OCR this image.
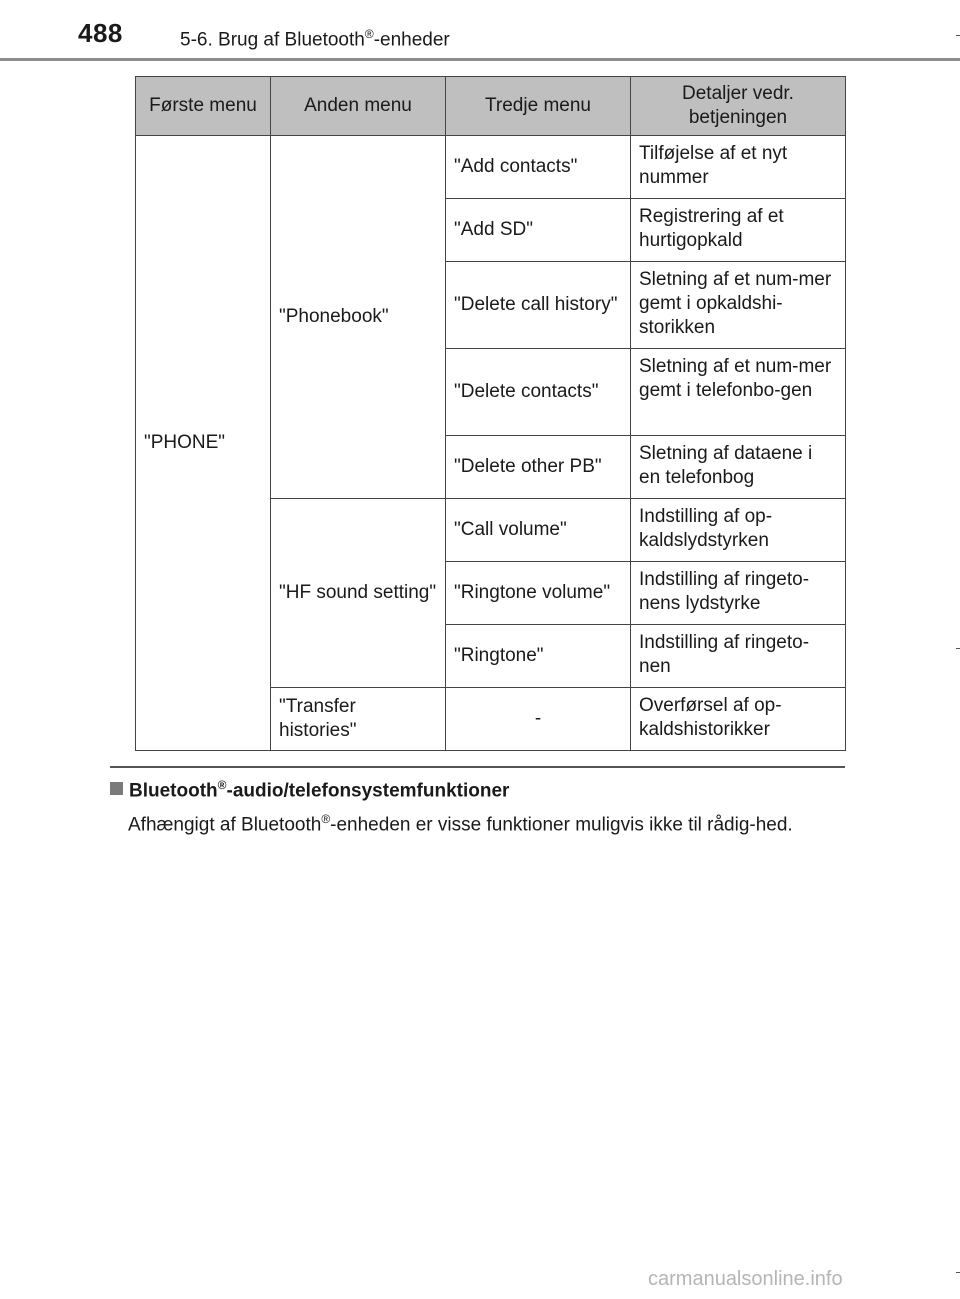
488	5-6. Brug af Bluetooth®-enheder
Første menu	Anden menu	Tredje menu	Detaljer vedr. betjeningen
"PHONE"	"Phonebook"	"Add contacts"	Tilføjelse af et nyt nummer
		"Add SD"	Registrering af et hurtigopkald
		"Delete call history"	Sletning af et num-mer gemt i opkaldshi-storikken
		"Delete contacts"	Sletning af et num-mer gemt i telefonbo-gen
		"Delete other PB"	Sletning af dataene i en telefonbog
	"HF sound setting"	"Call volume"	Indstilling af op-kaldslydstyrken
		"Ringtone volume"	Indstilling af ringeto-nens lydstyrke
		"Ringtone"	Indstilling af ringeto-nen
	"Transfer histories"	-	Overførsel af op-kaldshistorikker
Bluetooth®-audio/telefonsystemfunktioner
Afhængigt af Bluetooth®-enheden er visse funktioner muligvis ikke til rådig-hed.
carmanualsonline.info
